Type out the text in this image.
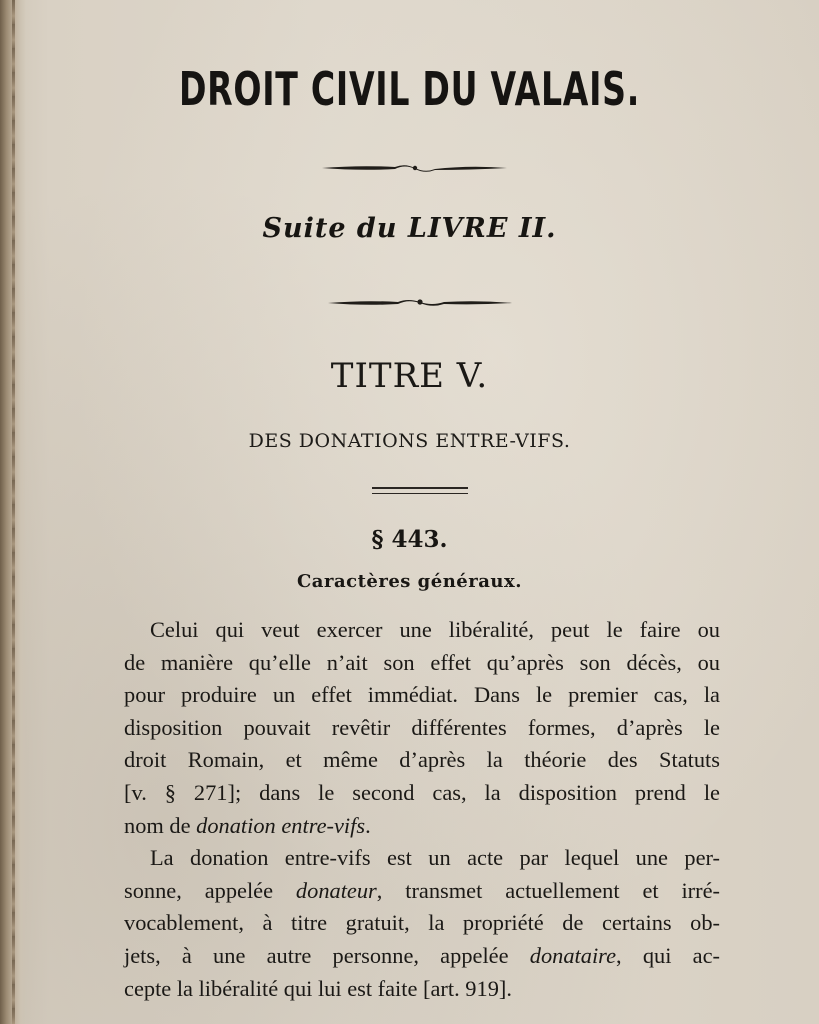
DROIT CIVIL DU VALAIS.
Suite du LIVRE II.
TITRE V.
DES DONATIONS ENTRE-VIFS.
§ 443.
Caractères généraux.
Celui qui veut exercer une libéralité, peut le faire ou
de manière qu’elle n’ait son effet qu’après son décès, ou
pour produire un effet immédiat. Dans le premier cas, la
disposition pouvait revêtir différentes formes, d’après le
droit Romain, et même d’après la théorie des Statuts
[v. § 271]; dans le second cas, la disposition prend le
nom de donation entre-vifs.
La donation entre-vifs est un acte par lequel une per-
sonne, appelée donateur, transmet actuellement et irré-
vocablement, à titre gratuit, la propriété de certains ob-
jets, à une autre personne, appelée donataire, qui ac-
cepte la libéralité qui lui est faite [art. 919].
